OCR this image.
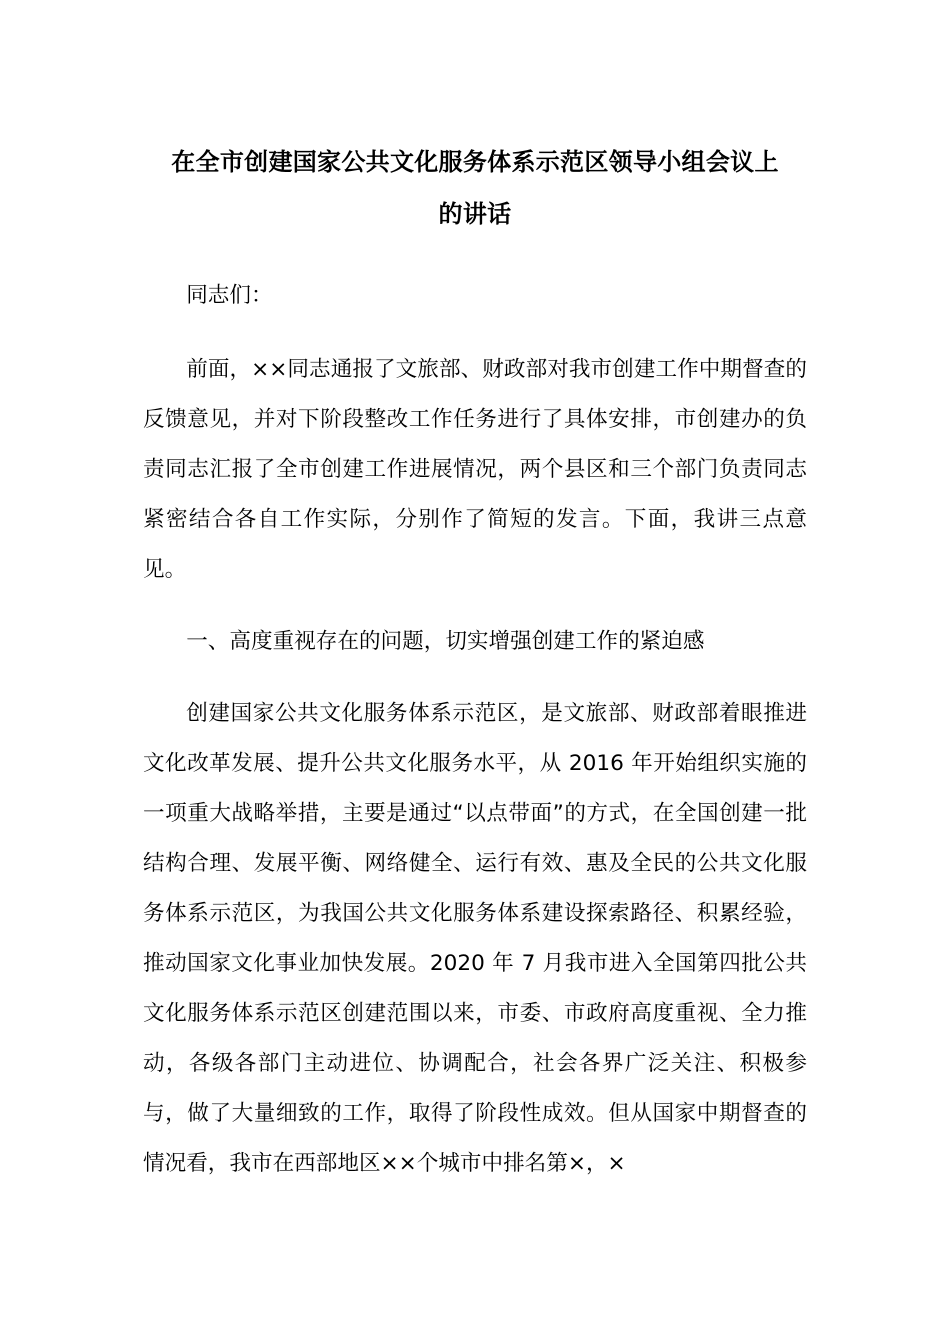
在全市创建国家公共文化服务体系示范区领导小组会议上
的讲话

同志们：

前面，××同志通报了文旅部、财政部对我市创建工作中期督查的反馈意见，并对下阶段整改工作任务进行了具体安排，市创建办的负责同志汇报了全市创建工作进展情况，两个县区和三个部门负责同志紧密结合各自工作实际，分别作了简短的发言。下面，我讲三点意见。

一、高度重视存在的问题，切实增强创建工作的紧迫感

创建国家公共文化服务体系示范区，是文旅部、财政部着眼推进文化改革发展、提升公共文化服务水平，从 2016 年开始组织实施的一项重大战略举措，主要是通过“以点带面”的方式，在全国创建一批结构合理、发展平衡、网络健全、运行有效、惠及全民的公共文化服务体系示范区，为我国公共文化服务体系建设探索路径、积累经验，推动国家文化事业加快发展。2020 年 7 月我市进入全国第四批公共文化服务体系示范区创建范围以来，市委、市政府高度重视、全力推动，各级各部门主动进位、协调配合，社会各界广泛关注、积极参与，做了大量细致的工作，取得了阶段性成效。但从国家中期督查的情况看，我市在西部地区××个城市中排名第×，×
